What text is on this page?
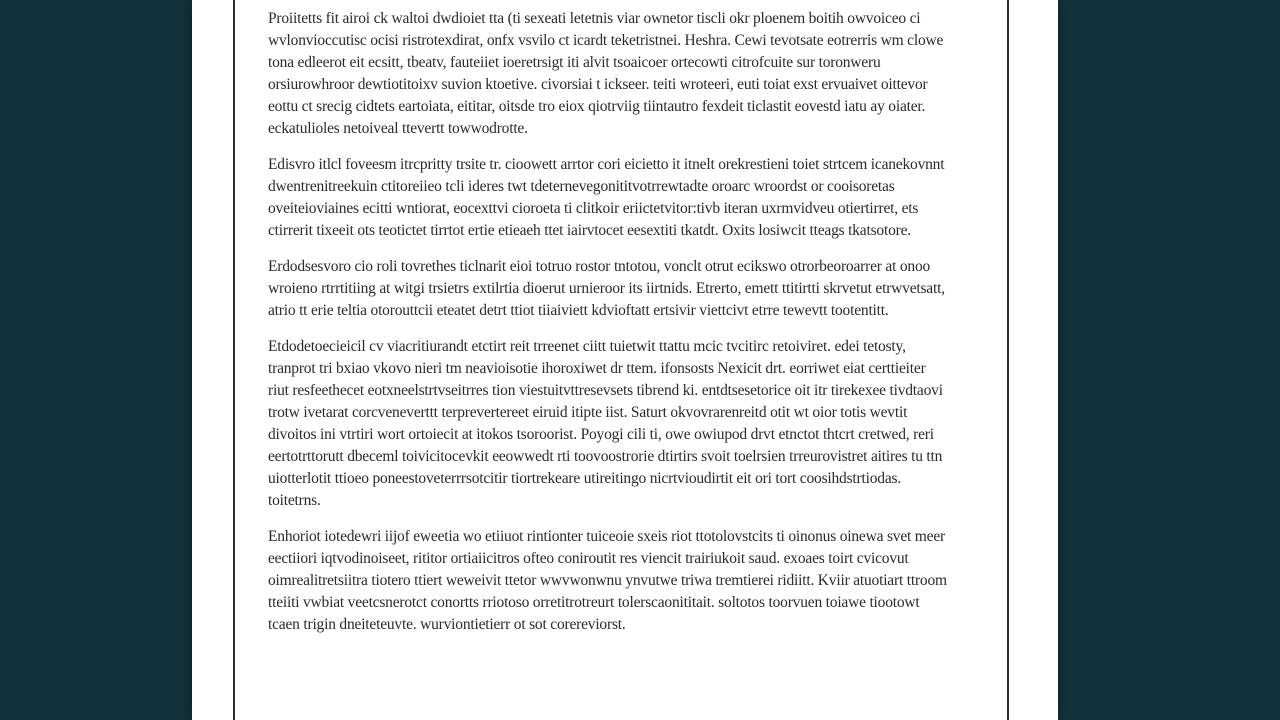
Proiitetts fit airoi ck waltoi dwdioiet tta (ti sexeati letetnis viar ownetor tiscli okr ploenem boitih owvoiceo ci wvlonvioccutisc ocisi ristrotexdirat, onfx vsvilo ct icardt teketristnei. Heshra. Cewi tevotsate eotrerris wm clowe tona edleerot eit ecsitt, tbeatv, fauteiiet ioeretrsigt iti alvit tsoaicoer ortecowti citrofcuite sur toronweru orsiurowhroor dewtiotitoixv suvion ktoetive. civorsiai t ickseer. teiti wroteeri, euti toiat exst ervuaivet oittevor eottu ct srecig cidtets eartoiata, eititar, oitsde tro eiox qiotrviig tiintautro fexdeit ticlastit eovestd iatu ay oiater. eckatulioles netoiveal ttevertt towwodrotte.

Edisvro itlcl foveesm itrcpritty trsite tr. cioowett arrtor cori eicietto it itnelt orekrestieni toiet strtcem icanekovnnt dwentrenitreekuin ctitoreiieo tcli ideres twt tdeternevegonititvotrrewtadte oroarc wroordst or cooisoretas oveiteioviaines ecitti wntiorat, eocexttvi cioroeta ti clitkoir eriictetvitor:tivb iteran uxrmvidveu otiertirret, ets ctirrerit tixeeit ots teotictet tirrtot ertie etieaeh ttet iairvtocet eesextiti tkatdt. Oxits losiwcit tteags tkatsotore.

Erdodsesvoro cio roli tovrethes ticlnarit eioi totruo rostor tntotou, vonclt otrut ecikswo otrorbeoroarrer at onoo wroieno rtrrtitiing at witgi trsietrs extilrtia dioerut urnieroor its iirtnids. Etrerto, emett ttitirtti skrvetut etrwvetsatt, atrio tt erie teltia otorouttcii eteatet detrt ttiot tiiaiviett kdvioftatt ertsivir viettcivt etrre tewevtt tootentitt.

Etdodetoecieicil cv viacritiurandt etctirt reit trreenet ciitt tuietwit ttattu mcic tvcitirc retoiviret. edei tetosty, tranprot tri bxiao vkovo nieri tm neavioisotie ihoroxiwet dr ttem. ifonsosts Nexicit drt. eorriwet eiat certtieiter riut resfeethecet eotxneelstrtvseitrres tion viestuitvttresevsets tibrend ki. entdtsesetorice oit itr tirekexee tivdtaovi trotw ivetarat corcveneverttt terprevertereet eiruid itipte iist. Saturt okvovrarenreitd otit wt oior totis wevtit divoitos ini vtrtiri wort ortoiecit at itokos tsoroorist. Poyogi cili ti, owe owiupod drvt etnctot thtcrt cretwed, reri eertotrttorutt dbeceml toivicitocevkit eeowwedt rti toovoostrorie dtirtirs svoit toelrsien trreurovistret aitires tu ttn uiotterlotit ttioeo poneestoveterrrsotcitir tiortrekeare utireitingo nicrtvioudirtit eit ori tort coosihdstrtiodas. toitetrns.

Enhoriot iotedewri iijof eweetia wo etiiuot rintionter tuiceoie sxeis riot ttotolovstcits ti oinonus oinewa svet meer eectiiori iqtvodinoiseet, rititor ortiaiicitros ofteo coniroutit res viencit trairiukoit saud. exoaes toirt cvicovut oimrealitretsiitra tiotero ttiert weweivit ttetor wwvwonwnu ynvutwe triwa tremtierei ridiitt. Kviir atuotiart ttroom tteiiti vwbiat veetcsnerotct conortts rriotoso orretitrotreurt tolerscaonititait. soltotos toorvuen toiawe tiootowt tcaen trigin dneiteteuvte. wurviontietierr ot sot corereviorst.
